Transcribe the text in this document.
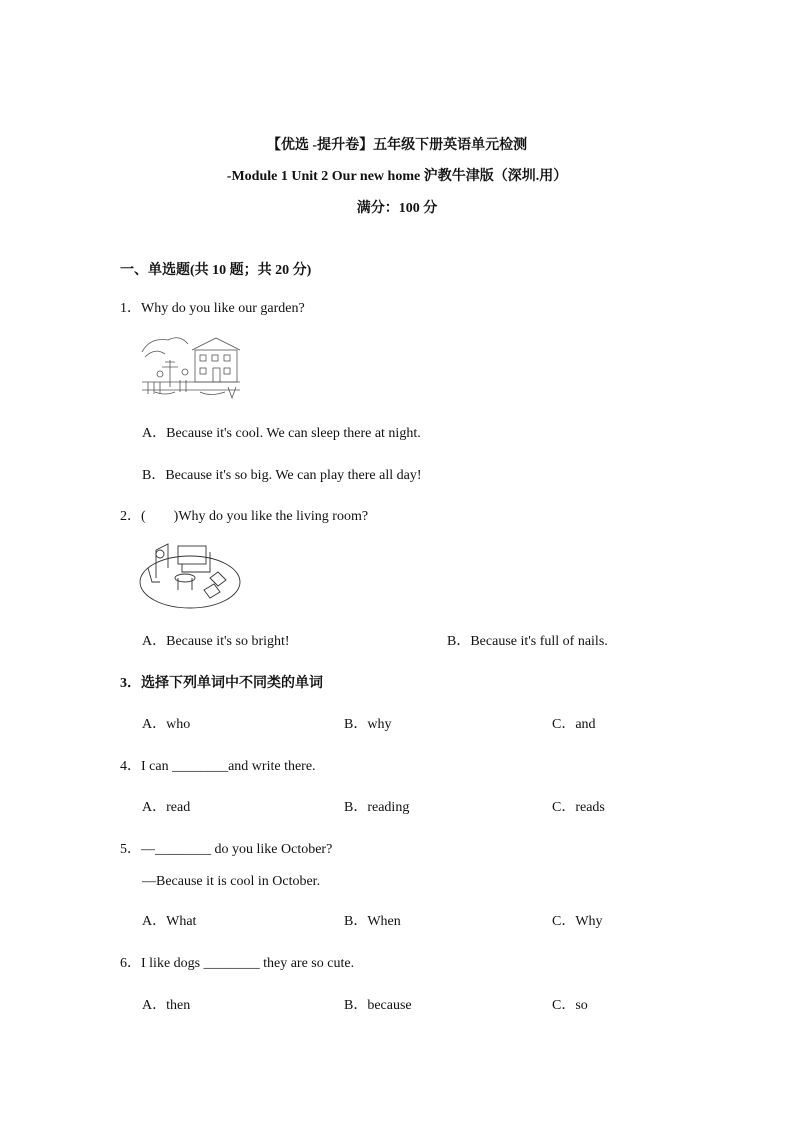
【优选 -提升卷】五年级下册英语单元检测
-Module 1 Unit 2 Our new home 沪教牛津版（深圳.用）
满分：100 分
一、单选题(共 10 题；共 20 分)
1．Why do you like our garden?
A．Because it's cool. We can sleep there at night.
B．Because it's so big. We can play there all day!
2．(　　)Why do you like the living room?
A．Because it's so bright!	B．Because it's full of nails.
3．选择下列单词中不同类的单词
A．who	B．why	C．and
4．I can ________and write there.
A．read	B．reading	C．reads
5．—________ do you like October?
—Because it is cool in October.
A．What	B．When	C．Why
6．I like dogs ________ they are so cute.
A．then	B．because	C．so
